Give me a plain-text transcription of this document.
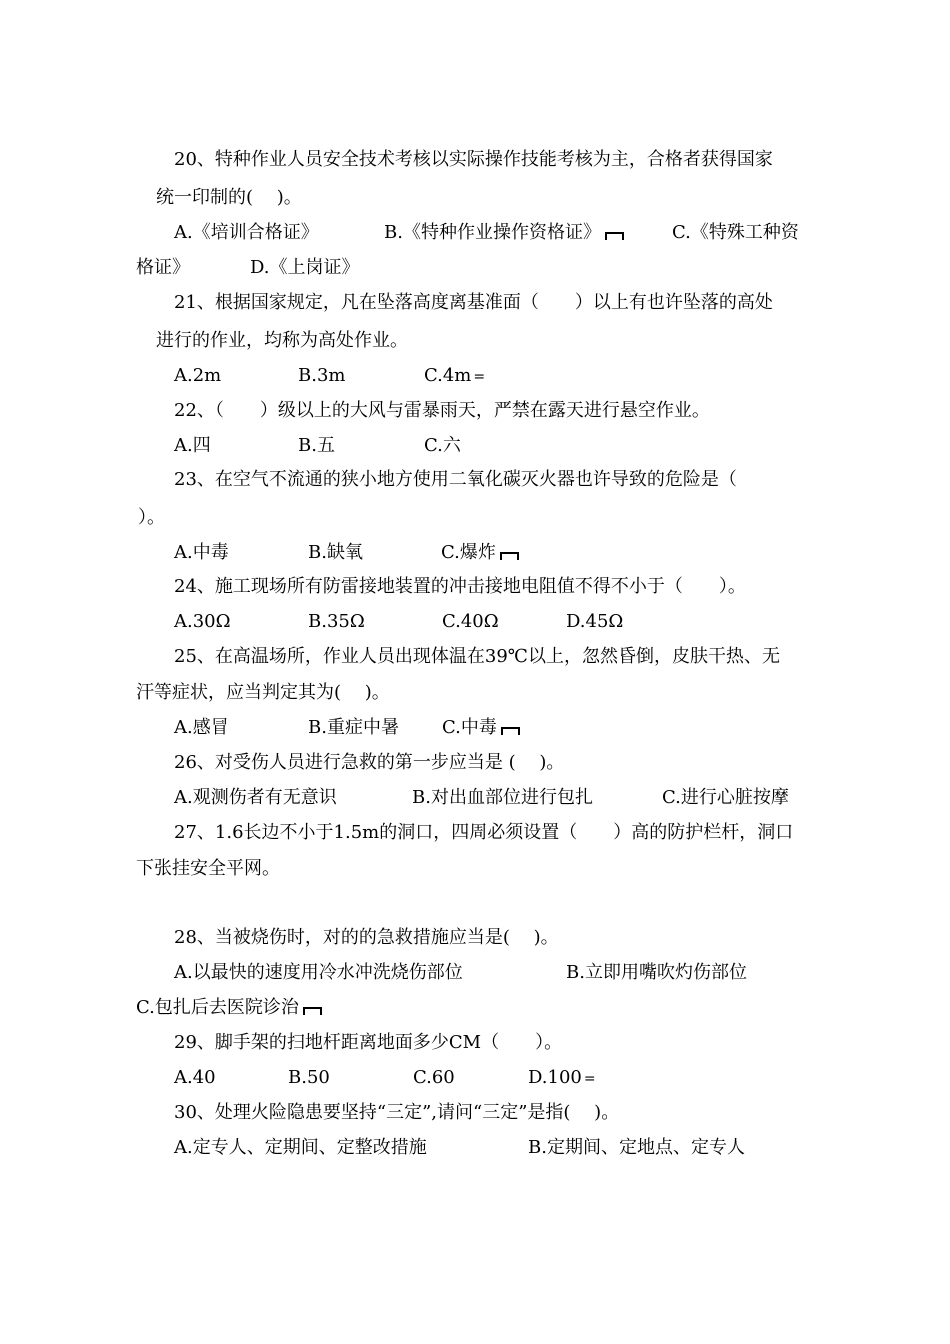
20、特种作业人员安全技术考核以实际操作技能考核为主，合格者获得国家
统一印制的(　 )。
A.《培训合格证》	B.《特种作业操作资格证》	C.《特殊工种资
格证》	D.《上岗证》
21、根据国家规定，凡在坠落高度离基准面（　　）以上有也许坠落的高处
进行的作业，均称为高处作业。
A.2m	B.3m	C.4m =
22、（　　）级以上的大风与雷暴雨天，严禁在露天进行悬空作业。
A.四	B.五	C.六
23、在空气不流通的狭小地方使用二氧化碳灭火器也许导致的危险是（
）。
A.中毒	B.缺氧	C.爆炸
24、施工现场所有防雷接地装置的冲击接地电阻值不得不小于（　　）。
A.30Ω	B.35Ω	C.40Ω	D.45Ω
25、在高温场所，作业人员出现体温在39℃以上，忽然昏倒，皮肤干热、无
汗等症状，应当判定其为(　 )。
A.感冒	B.重症中暑 C.中毒
26、对受伤人员进行急救的第一步应当是 (　 )。
A.观测伤者有无意识	B.对出血部位进行包扎	C.进行心脏按摩
27、1.6长边不小于1.5m的洞口，四周必须设置（　　）高的防护栏杆，洞口
下张挂安全平网。
28、当被烧伤时，对的的急救措施应当是(　 )。
A.以最快的速度用冷水冲洗烧伤部位	B.立即用嘴吹灼伤部位
C.包扎后去医院诊治
29、脚手架的扫地杆距离地面多少CM（　　）。
A.40	B.50	C.60	D.100 =
30、处理火险隐患要坚持“三定”,请问“三定”是指(　 )。
A.定专人、定期间、定整改措施	B.定期间、定地点、定专人
